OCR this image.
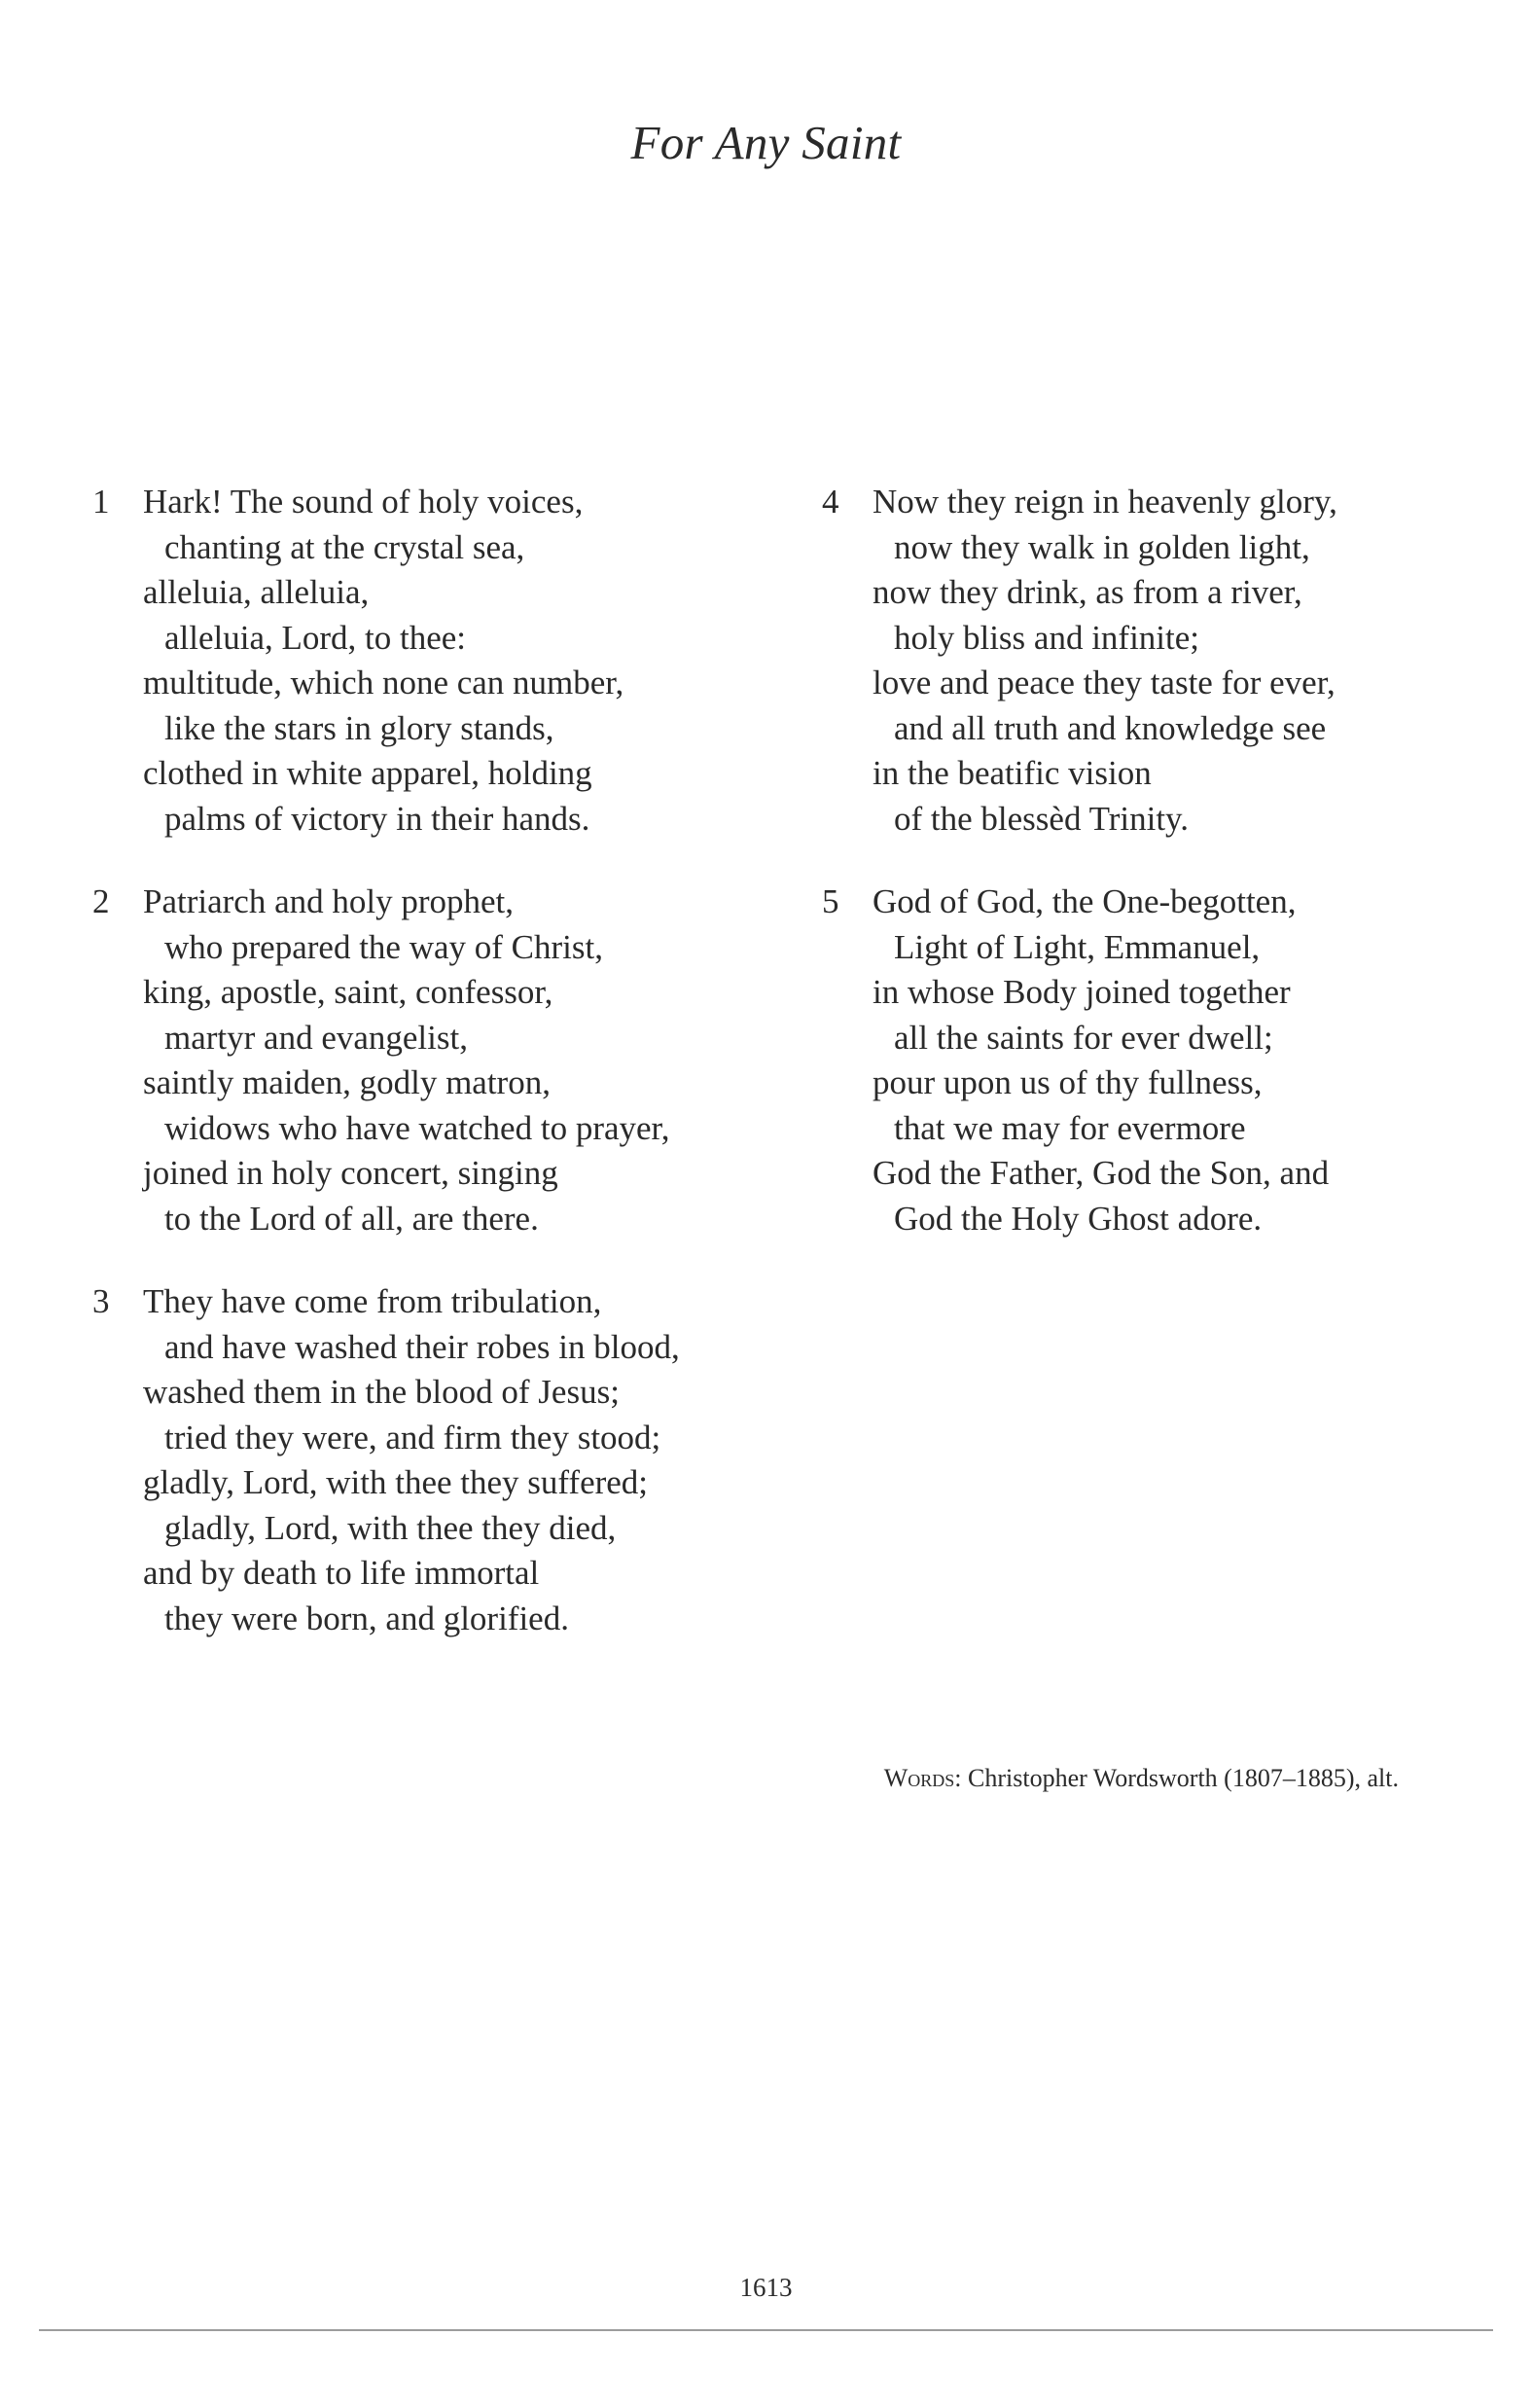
For Any Saint
1 Hark! The sound of holy voices,
chanting at the crystal sea,
alleluia, alleluia,
alleluia, Lord, to thee:
multitude, which none can number,
like the stars in glory stands,
clothed in white apparel, holding
palms of victory in their hands.
2 Patriarch and holy prophet,
who prepared the way of Christ,
king, apostle, saint, confessor,
martyr and evangelist,
saintly maiden, godly matron,
widows who have watched to prayer,
joined in holy concert, singing
to the Lord of all, are there.
3 They have come from tribulation,
and have washed their robes in blood,
washed them in the blood of Jesus;
tried they were, and firm they stood;
gladly, Lord, with thee they suffered;
gladly, Lord, with thee they died,
and by death to life immortal
they were born, and glorified.
4 Now they reign in heavenly glory,
now they walk in golden light,
now they drink, as from a river,
holy bliss and infinite;
love and peace they taste for ever,
and all truth and knowledge see
in the beatific vision
of the blessèd Trinity.
5 God of God, the One-begotten,
Light of Light, Emmanuel,
in whose Body joined together
all the saints for ever dwell;
pour upon us of thy fullness,
that we may for evermore
God the Father, God the Son, and
God the Holy Ghost adore.
Words: Christopher Wordsworth (1807–1885), alt.
1613
